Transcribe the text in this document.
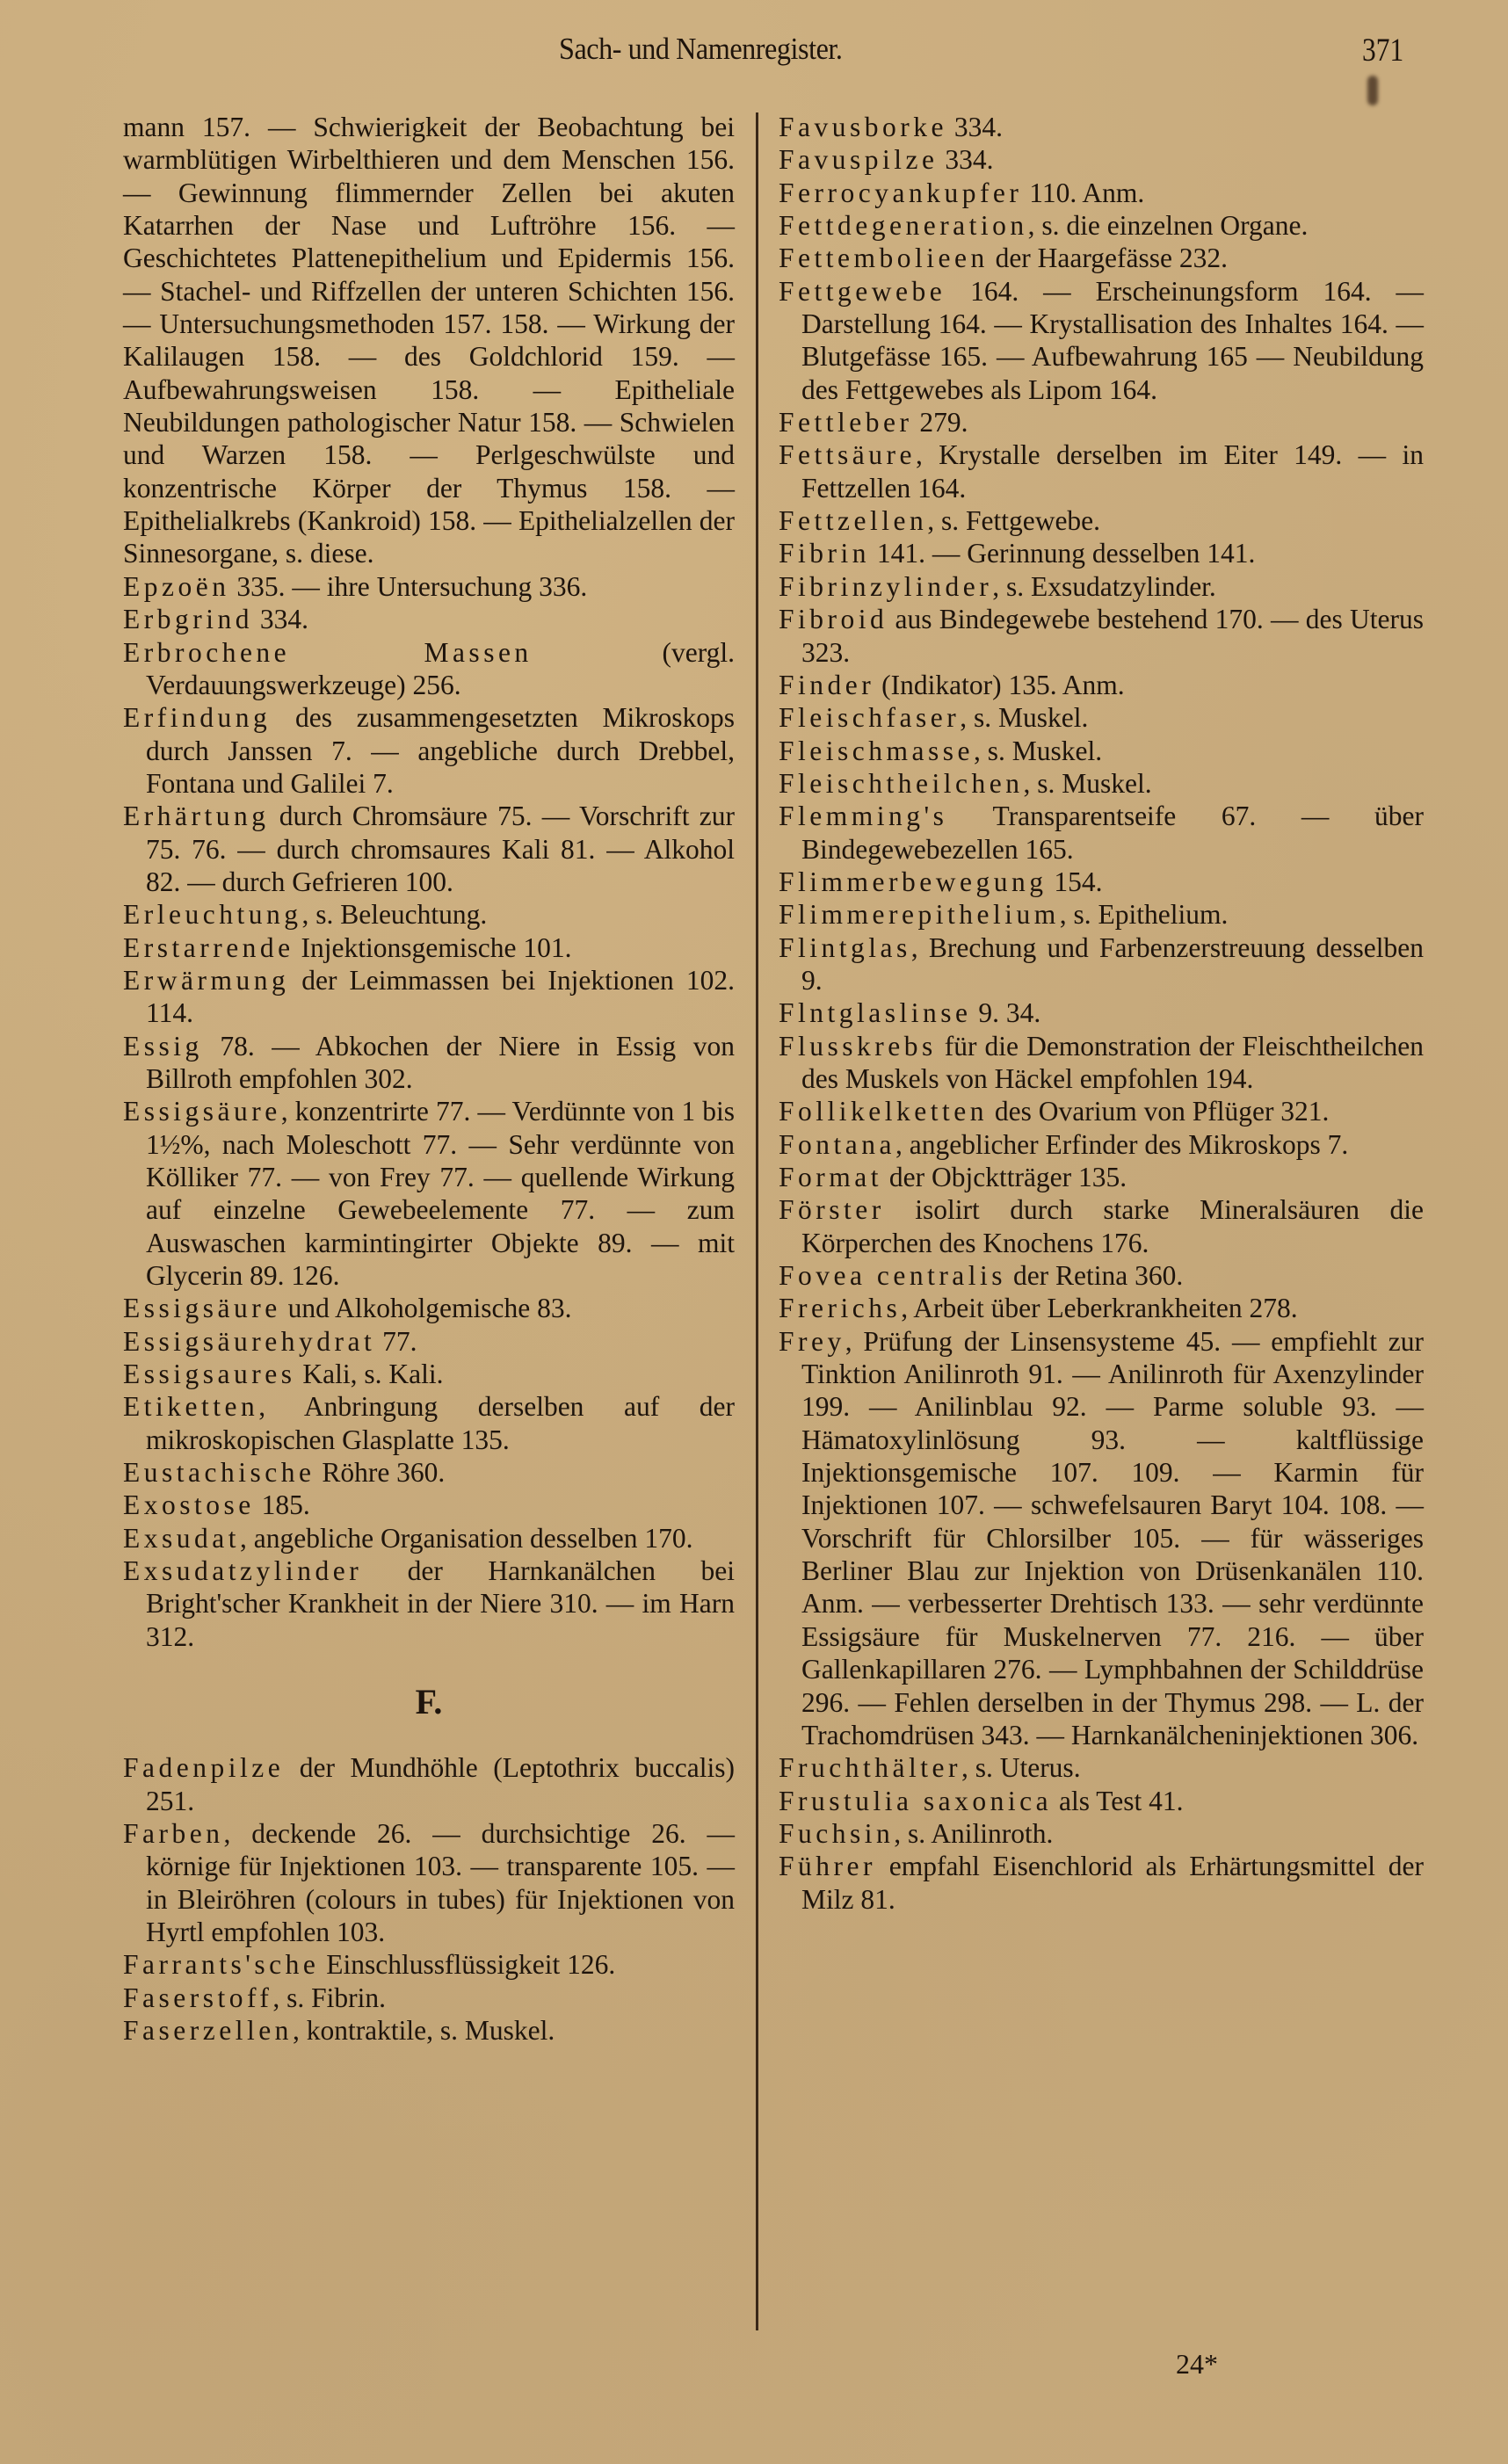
Sach- und Namenregister.	371

mann 157. — Schwierigkeit der Beobachtung bei warmblütigen Wirbelthieren und dem Menschen 156. — Gewinnung flimmernder Zellen bei akuten Katarrhen der Nase und Luftröhre 156. — Geschichtetes Plattenepithelium und Epidermis 156. — Stachel- und Riffzellen der unteren Schichten 156. — Untersuchungsmethoden 157. 158. — Wirkung der Kalilaugen 158. — des Goldchlorid 159. — Aufbewahrungsweisen 158. — Epitheliale Neubildungen pathologischer Natur 158. — Schwielen und Warzen 158. — Perlgeschwülste und konzentrische Körper der Thymus 158. — Epithelialkrebs (Kankroid) 158. — Epithelialzellen der Sinnesorgane, s. diese.

Epzoën 335. — ihre Untersuchung 336.

Erbgrind 334.

Erbrochene Massen (vergl. Verdauungswerkzeuge) 256.

Erfindung des zusammengesetzten Mikroskops durch Janssen 7. — angebliche durch Drebbel, Fontana und Galilei 7.

Erhärtung durch Chromsäure 75. — Vorschrift zur 75. 76. — durch chromsaures Kali 81. — Alkohol 82. — durch Gefrieren 100.

Erleuchtung, s. Beleuchtung.

Erstarrende Injektionsgemische 101.

Erwärmung der Leimmassen bei Injektionen 102. 114.

Essig 78. — Abkochen der Niere in Essig von Billroth empfohlen 302.

Essigsäure, konzentrirte 77. — Verdünnte von 1 bis 1½%, nach Moleschott 77. — Sehr verdünnte von Kölliker 77. — von Frey 77. — quellende Wirkung auf einzelne Gewebeelemente 77. — zum Auswaschen karmintingirter Objekte 89. — mit Glycerin 89. 126.

Essigsäure und Alkoholgemische 83.

Essigsäurehydrat 77.

Essigsaures Kali, s. Kali.

Etiketten, Anbringung derselben auf der mikroskopischen Glasplatte 135.

Eustachische Röhre 360.

Exostose 185.

Exsudat, angebliche Organisation desselben 170.

Exsudatzylinder der Harnkanälchen bei Bright'scher Krankheit in der Niere 310. — im Harn 312.

F.

Fadenpilze der Mundhöhle (Leptothrix buccalis) 251.

Farben, deckende 26. — durchsichtige 26. — körnige für Injektionen 103. — transparente 105. — in Bleiröhren (colours in tubes) für Injektionen von Hyrtl empfohlen 103.

Farrants'sche Einschlussflüssigkeit 126.

Faserstoff, s. Fibrin.

Faserzellen, kontraktile, s. Muskel.

Favusborke 334.

Favuspilze 334.

Ferrocyankupfer 110. Anm.

Fettdegeneration, s. die einzelnen Organe.

Fettembolieen der Haargefässe 232.

Fettgewebe 164. — Erscheinungsform 164. — Darstellung 164. — Krystallisation des Inhaltes 164. — Blutgefässe 165. — Aufbewahrung 165 — Neubildung des Fettgewebes als Lipom 164.

Fettleber 279.

Fettsäure, Krystalle derselben im Eiter 149. — in Fettzellen 164.

Fettzellen, s. Fettgewebe.

Fibrin 141. — Gerinnung desselben 141.

Fibrinzylinder, s. Exsudatzylinder.

Fibroid aus Bindegewebe bestehend 170. — des Uterus 323.

Finder (Indikator) 135. Anm.

Fleischfaser, s. Muskel.

Fleischmasse, s. Muskel.

Fleischtheilchen, s. Muskel.

Flemming's Transparentseife 67. — über Bindegewebezellen 165.

Flimmerbewegung 154.

Flimmerepithelium, s. Epithelium.

Flintglas, Brechung und Farbenzerstreuung desselben 9.

Flntglaslinse 9. 34.

Flusskrebs für die Demonstration der Fleischtheilchen des Muskels von Häckel empfohlen 194.

Follikelketten des Ovarium von Pflüger 321.

Fontana, angeblicher Erfinder des Mikroskops 7.

Format der Objcktträger 135.

Förster isolirt durch starke Mineralsäuren die Körperchen des Knochens 176.

Fovea centralis der Retina 360.

Frerichs, Arbeit über Leberkrankheiten 278.

Frey, Prüfung der Linsensysteme 45. — empfiehlt zur Tinktion Anilinroth 91. — Anilinroth für Axenzylinder 199. — Anilinblau 92. — Parme soluble 93. — Hämatoxylinlösung 93. — kaltflüssige Injektionsgemische 107. 109. — Karmin für Injektionen 107. — schwefelsauren Baryt 104. 108. — Vorschrift für Chlorsilber 105. — für wässeriges Berliner Blau zur Injektion von Drüsenkanälen 110. Anm. — verbesserter Drehtisch 133. — sehr verdünnte Essigsäure für Muskelnerven 77. 216. — über Gallenkapillaren 276. — Lymphbahnen der Schilddrüse 296. — Fehlen derselben in der Thymus 298. — L. der Trachomdrüsen 343. — Harnkanälcheninjektionen 306.

Fruchthälter, s. Uterus.

Frustulia saxonica als Test 41.

Fuchsin, s. Anilinroth.

Führer empfahl Eisenchlorid als Erhärtungsmittel der Milz 81.

24*
